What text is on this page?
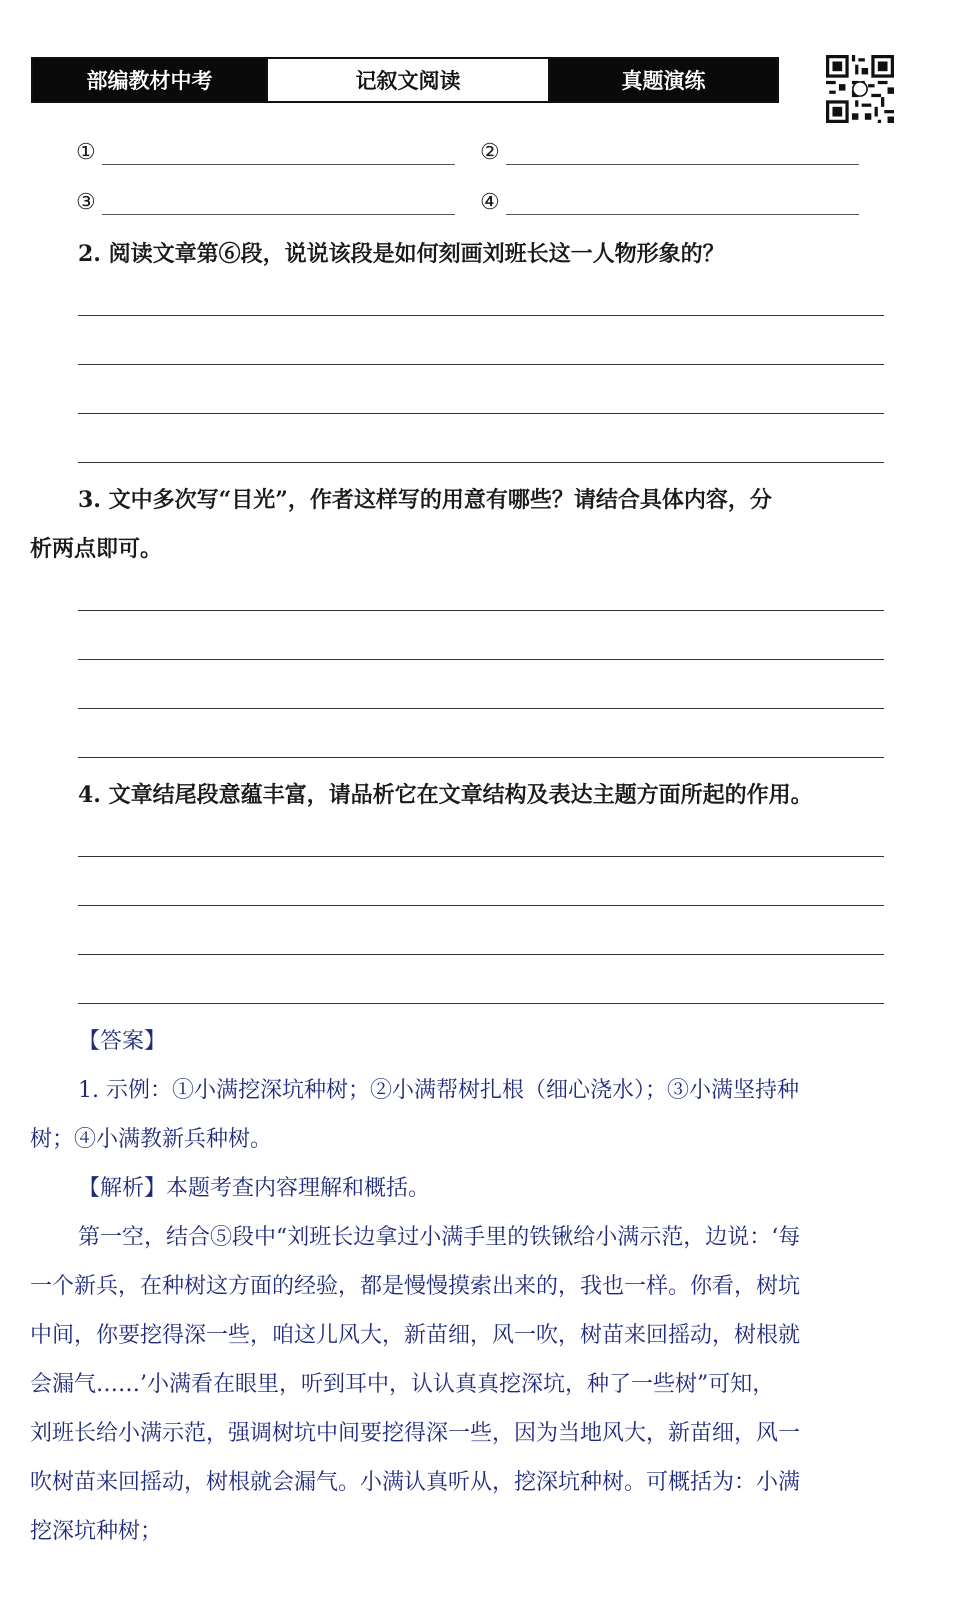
部编教材中考	记叙文阅读	真题演练
①	②
③	④
2. 阅读文章第⑥段，说说该段是如何刻画刘班长这一人物形象的？
3. 文中多次写“目光”，作者这样写的用意有哪些？请结合具体内容，分
析两点即可。
4. 文章结尾段意蕴丰富，请品析它在文章结构及表达主题方面所起的作用。
【答案】
1. 示例：①小满挖深坑种树；②小满帮树扎根（细心浇水）；③小满坚持种
树；④小满教新兵种树。
【解析】本题考查内容理解和概括。
第一空，结合⑤段中“刘班长边拿过小满手里的铁锹给小满示范，边说：‘每
一个新兵，在种树这方面的经验，都是慢慢摸索出来的，我也一样。你看，树坑
中间，你要挖得深一些，咱这儿风大，新苗细，风一吹，树苗来回摇动，树根就
会漏气……’小满看在眼里，听到耳中，认认真真挖深坑，种了一些树”可知，
刘班长给小满示范，强调树坑中间要挖得深一些，因为当地风大，新苗细，风一
吹树苗来回摇动，树根就会漏气。小满认真听从，挖深坑种树。可概括为：小满
挖深坑种树；
